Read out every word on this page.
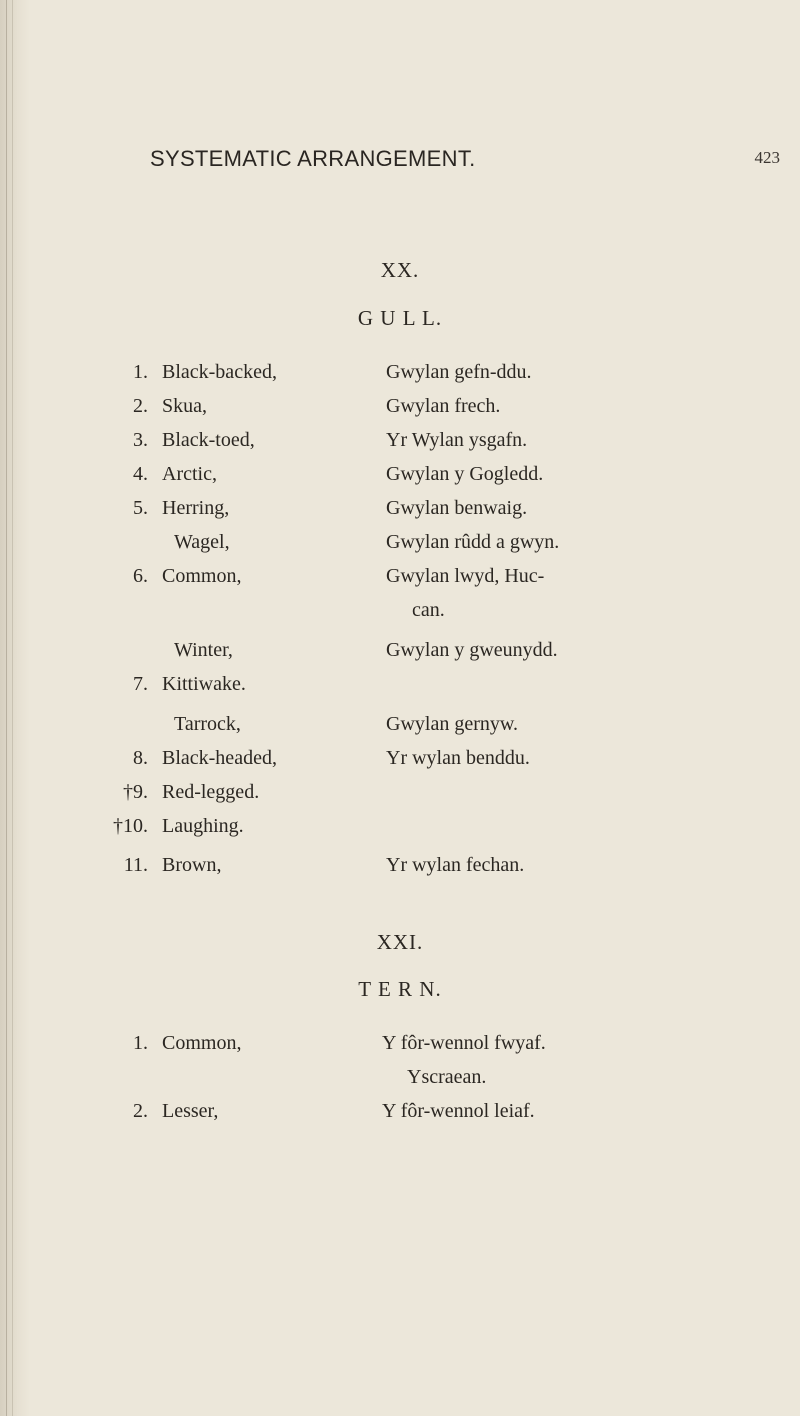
SYSTEMATIC ARRANGEMENT.	423
XX.
G U L L.
1. Black-backed,	Gwylan gefn-ddu.
2. Skua,	Gwylan frech.
3. Black-toed,	Yr Wylan ysgafn.
4. Arctic,	Gwylan y Gogledd.
5. Herring,	Gwylan benwaig.
Wagel,	Gwylan rûdd a gwyn.
6. Common,	Gwylan lwyd, Huc-
can.
Winter,	Gwylan y gweunydd.
7. Kittiwake.
Tarrock,	Gwylan gernyw.
8. Black-headed,	Yr wylan benddu.
†9. Red-legged.
†10. Laughing.
11. Brown,	Yr wylan fechan.
XXI.
T E R N.
1. Common,	Y fôr-wennol fwyaf.
Yscraean.
2. Lesser,	Y fôr-wennol leiaf.
